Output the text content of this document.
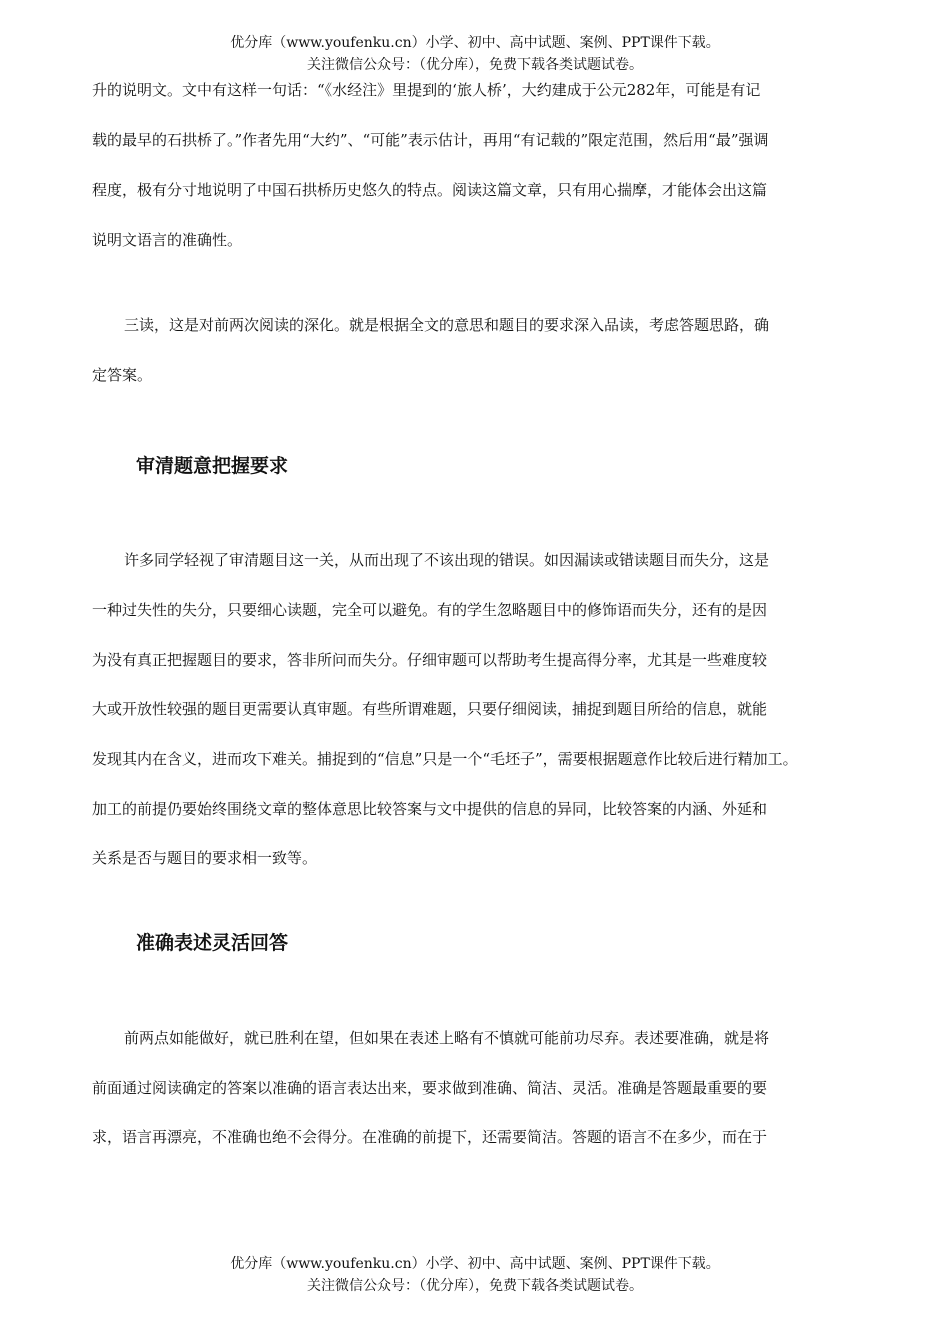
优分库（www.youfenku.cn）小学、初中、高中试题、案例、PPT课件下载。
关注微信公众号：（优分库），免费下载各类试题试卷。
升的说明文。文中有这样一句话：“《水经注》里提到的‘旅人桥’，大约建成于公元282年，可能是有记
载的最早的石拱桥了。”作者先用“大约”、“可能”表示估计，再用“有记载的”限定范围，然后用“最”强调
程度，极有分寸地说明了中国石拱桥历史悠久的特点。阅读这篇文章，只有用心揣摩，才能体会出这篇
说明文语言的准确性。
三读，这是对前两次阅读的深化。就是根据全文的意思和题目的要求深入品读，考虑答题思路，确
定答案。
审清题意把握要求
许多同学轻视了审清题目这一关，从而出现了不该出现的错误。如因漏读或错读题目而失分，这是
一种过失性的失分，只要细心读题，完全可以避免。有的学生忽略题目中的修饰语而失分，还有的是因
为没有真正把握题目的要求，答非所问而失分。仔细审题可以帮助考生提高得分率，尤其是一些难度较
大或开放性较强的题目更需要认真审题。有些所谓难题，只要仔细阅读，捕捉到题目所给的信息，就能
发现其内在含义，进而攻下难关。捕捉到的“信息”只是一个“毛坯子”，需要根据题意作比较后进行精加工。
加工的前提仍要始终围绕文章的整体意思比较答案与文中提供的信息的异同，比较答案的内涵、外延和
关系是否与题目的要求相一致等。
准确表述灵活回答
前两点如能做好，就已胜利在望，但如果在表述上略有不慎就可能前功尽弃。表述要准确，就是将
前面通过阅读确定的答案以准确的语言表达出来，要求做到准确、简洁、灵活。准确是答题最重要的要
求，语言再漂亮，不准确也绝不会得分。在准确的前提下，还需要简洁。答题的语言不在多少，而在于
优分库（www.youfenku.cn）小学、初中、高中试题、案例、PPT课件下载。
关注微信公众号：（优分库），免费下载各类试题试卷。
